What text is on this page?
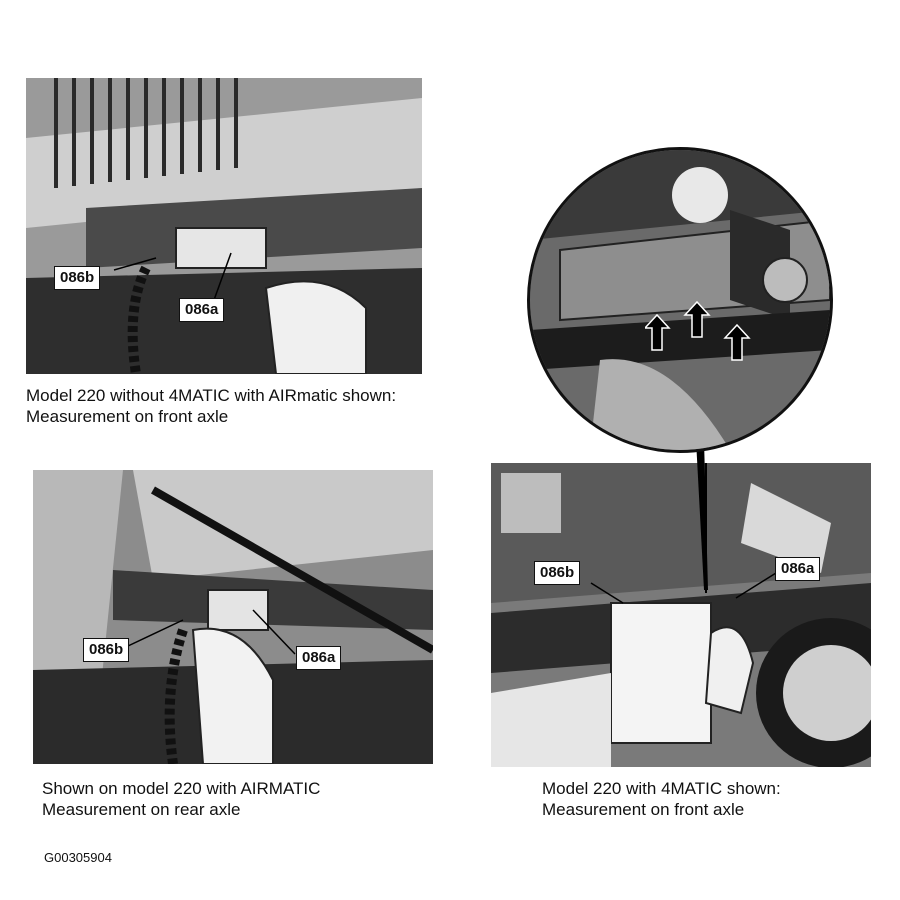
086b
086a
Model 220 without 4MATIC with AIRmatic shown:
Measurement on front axle
086b	086a
Shown on model 220 with AIRMATIC
Measurement on rear axle
086b	086a
Model 220 with 4MATIC shown:
Measurement on front axle
G00305904
